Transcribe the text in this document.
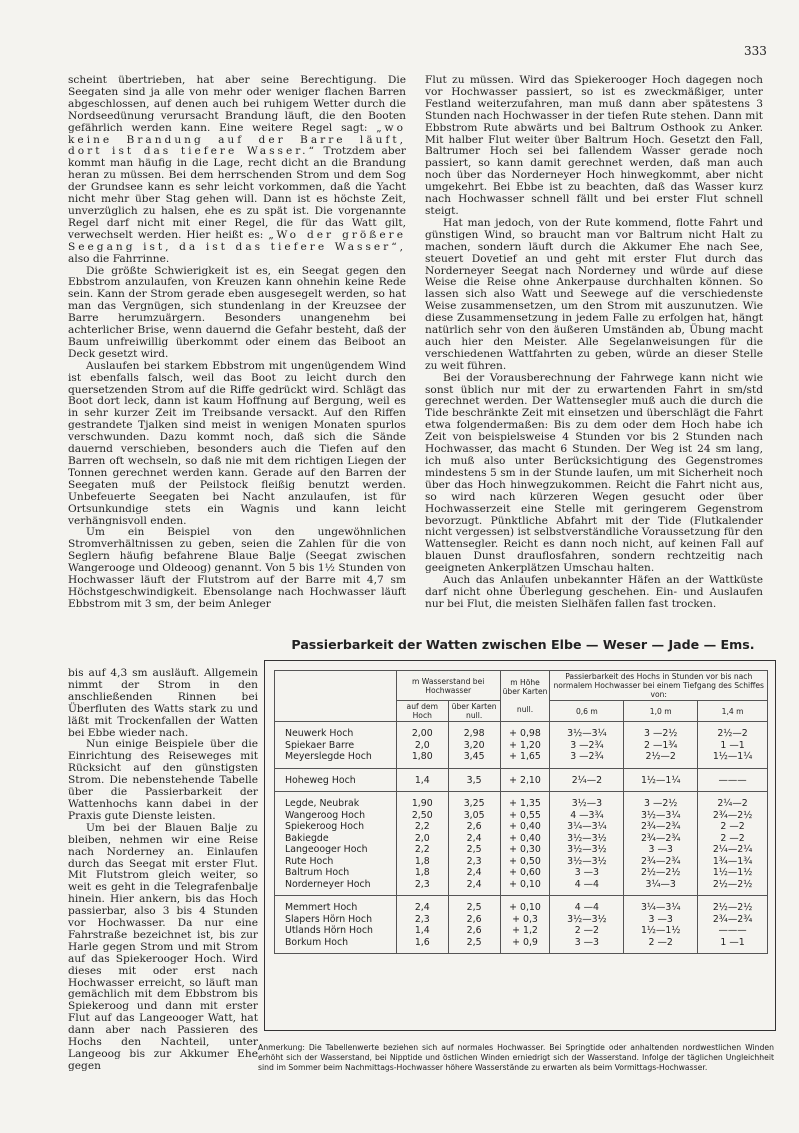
333

scheint übertrieben, hat aber seine Berechtigung. Die Seegaten sind ja alle von mehr oder weniger flachen Barren abgeschlossen, auf denen auch bei ruhigem Wetter durch die Nordseedünung verursacht Brandung läuft, die den Booten gefährlich werden kann. Eine weitere Regel sagt: „wo keine Brandung auf der Barre läuft, dort ist das tiefere Wasser.“ Trotzdem aber kommt man häufig in die Lage, recht dicht an die Brandung heran zu müssen. Bei dem herrschenden Strom und dem Sog der Grundsee kann es sehr leicht vorkommen, daß die Yacht nicht mehr über Stag gehen will. Dann ist es höchste Zeit, unverzüglich zu halsen, ehe es zu spät ist. Die vorgenannte Regel darf nicht mit einer Regel, die für das Watt gilt, verwechselt werden. Hier heißt es: „Wo der größere Seegang ist, da ist das tiefere Wasser“, also die Fahrrinne.

Die größte Schwierigkeit ist es, ein Seegat gegen den Ebbstrom anzulaufen, von Kreuzen kann ohnehin keine Rede sein. Kann der Strom gerade eben ausgesegelt werden, so hat man das Vergnügen, sich stundenlang in der Kreuzsee der Barre herumzuärgern. Besonders unangenehm bei achterlicher Brise, wenn dauernd die Gefahr besteht, daß der Baum unfreiwillig überkommt oder einem das Beiboot an Deck gesetzt wird.

Auslaufen bei starkem Ebbstrom mit ungenügendem Wind ist ebenfalls falsch, weil das Boot zu leicht durch den quersetzenden Strom auf die Riffe gedrückt wird. Schlägt das Boot dort leck, dann ist kaum Hoffnung auf Bergung, weil es in sehr kurzer Zeit im Treibsande versackt. Auf den Riffen gestrandete Tjalken sind meist in wenigen Monaten spurlos verschwunden. Dazu kommt noch, daß sich die Sände dauernd verschieben, besonders auch die Tiefen auf den Barren oft wechseln, so daß nie mit dem richtigen Liegen der Tonnen gerechnet werden kann. Gerade auf den Barren der Seegaten muß der Peilstock fleißig benutzt werden. Unbefeuerte Seegaten bei Nacht anzulaufen, ist für Ortsunkundige stets ein Wagnis und kann leicht verhängnisvoll enden.

Um ein Beispiel von den ungewöhnlichen Stromverhältnissen zu geben, seien die Zahlen für die von Seglern häufig befahrene Blaue Balje (Seegat zwischen Wangerooge und Oldeoog) genannt. Von 5 bis 1½ Stunden von Hochwasser läuft der Flutstrom auf der Barre mit 4,7 sm Höchstgeschwindigkeit. Ebensolange nach Hochwasser läuft Ebbstrom mit 3 sm, der beim Anleger

bis auf 4,3 sm ausläuft. Allgemein nimmt der Strom in den anschließenden Rinnen bei Überfluten des Watts stark zu und läßt mit Trockenfallen der Watten bei Ebbe wieder nach.

Nun einige Beispiele über die Einrichtung des Reiseweges mit Rücksicht auf den günstigsten Strom. Die nebenstehende Tabelle über die Passierbarkeit der Wattenhochs kann dabei in der Praxis gute Dienste leisten.

Um bei der Blauen Balje zu bleiben, nehmen wir eine Reise nach Norderney an. Einlaufen durch das Seegat mit erster Flut. Mit Flutstrom gleich weiter, so weit es geht in die Telegrafenbalje hinein. Hier ankern, bis das Hoch passierbar, also 3 bis 4 Stunden vor Hochwasser. Da nur eine Fahrstraße bezeichnet ist, bis zur Harle gegen Strom und mit Strom auf das Spiekerooger Hoch. Wird dieses mit oder erst nach Hochwasser erreicht, so läuft man gemächlich mit dem Ebbstrom bis Spiekeroog und dann mit erster Flut auf das Langeooger Watt, hat dann aber nach Passieren des Hochs den Nachteil, unter Langeoog bis zur Akkumer Ehe gegen

Flut zu müssen. Wird das Spiekerooger Hoch dagegen noch vor Hochwasser passiert, so ist es zweckmäßiger, unter Festland weiterzufahren, man muß dann aber spätestens 3 Stunden nach Hochwasser in der tiefen Rute stehen. Dann mit Ebbstrom Rute abwärts und bei Baltrum Osthook zu Anker. Mit halber Flut weiter über Baltrum Hoch. Gesetzt den Fall, Baltrumer Hoch sei bei fallendem Wasser gerade noch passiert, so kann damit gerechnet werden, daß man auch noch über das Norderneyer Hoch hinwegkommt, aber nicht umgekehrt. Bei Ebbe ist zu beachten, daß das Wasser kurz nach Hochwasser schnell fällt und bei erster Flut schnell steigt.

Hat man jedoch, von der Rute kommend, flotte Fahrt und günstigen Wind, so braucht man vor Baltrum nicht Halt zu machen, sondern läuft durch die Akkumer Ehe nach See, steuert Dovetief an und geht mit erster Flut durch das Norderneyer Seegat nach Norderney und würde auf diese Weise die Reise ohne Ankerpause durchhalten können. So lassen sich also Watt und Seewege auf die verschiedenste Weise zusammensetzen, um den Strom mit auszunutzen. Wie diese Zusammensetzung in jedem Falle zu erfolgen hat, hängt natürlich sehr von den äußeren Umständen ab, Übung macht auch hier den Meister. Alle Segelanweisungen für die verschiedenen Wattfahrten zu geben, würde an dieser Stelle zu weit führen.

Bei der Vorausberechnung der Fahrwege kann nicht wie sonst üblich nur mit der zu erwartenden Fahrt in sm/std gerechnet werden. Der Wattensegler muß auch die durch die Tide beschränkte Zeit mit einsetzen und überschlägt die Fahrt etwa folgendermaßen: Bis zu dem oder dem Hoch habe ich Zeit von beispielsweise 4 Stunden vor bis 2 Stunden nach Hochwasser, das macht 6 Stunden. Der Weg ist 24 sm lang, ich muß also unter Berücksichtigung des Gegenstromes mindestens 5 sm in der Stunde laufen, um mit Sicherheit noch über das Hoch hinwegzukommen. Reicht die Fahrt nicht aus, so wird nach kürzeren Wegen gesucht oder über Hochwasserzeit eine Stelle mit geringerem Gegenstrom bevorzugt. Pünktliche Abfahrt mit der Tide (Flutkalender nicht vergessen) ist selbstverständliche Voraussetzung für den Wattensegler. Reicht es dann noch nicht, auf keinen Fall auf blauen Dunst drauflosfahren, sondern rechtzeitig nach geeigneten Ankerplätzen Umschau halten.

Auch das Anlaufen unbekannter Häfen an der Wattküste darf nicht ohne Überlegung geschehen. Ein- und Auslaufen nur bei Flut, die meisten Sielhäfen fallen fast trocken.

Passierbarkeit der Watten zwischen Elbe — Weser — Jade — Ems.
	m Wasserstand bei Hochwasser		m Höhe über Karten

null.	Passierbarkeit des Hochs in Stunden vor bis nach normalem Hochwasser bei einem Tiefgang des Schiffes von:		
	auf dem Hoch	über Karten null.		0,6 m	1,0 m	1,4 m
Neuwerk Hoch	2,00	2,98	+ 0,98	3½—3¼	3 —2½	2½—2
Spiekaer Barre	2,0	3,20	+ 1,20	3 —2¾	2 —1¾	1 —1
Meyerslegde Hoch	1,80	3,45	+ 1,65	3 —2¾	2½—2	1½—1¼
Hoheweg Hoch	1,4	3,5	+ 2,10	2¼—2	1½—1¼	———
Legde, Neubrak	1,90	3,25	+ 1,35	3½—3	3 —2½	2¼—2
Wangeroog Hoch	2,50	3,05	+ 0,55	4 —3¾	3½—3¼	2¾—2½
Spiekeroog Hoch	2,2	2,6	+ 0,40	3¼—3¼	2¾—2¾	2 —2
Bakiegde	2,0	2,4	+ 0,40	3½—3½	2¾—2¾	2 —2
Langeooger Hoch	2,2	2,5	+ 0,30	3½—3½	3 —3	2¼—2¼
Rute Hoch	1,8	2,3	+ 0,50	3½—3½	2¾—2¾	1¾—1¾
Baltrum Hoch	1,8	2,4	+ 0,60	3 —3	2½—2½	1½—1½
Norderneyer Hoch	2,3	2,4	+ 0,10	4 —4	3¼—3	2½—2½
Memmert Hoch	2,4	2,5	+ 0,10	4 —4	3¼—3¼	2½—2½
Slapers Hörn Hoch	2,3	2,6	+ 0,3	3½—3½	3 —3	2¾—2¾
Utlands Hörn Hoch	1,4	2,6	+ 1,2	2 —2	1½—1½	———
Borkum Hoch	1,6	2,5	+ 0,9	3 —3	2 —2	1 —1
Anmerkung: Die Tabellenwerte beziehen sich auf normales Hochwasser. Bei Springtide oder anhaltenden nordwestlichen Winden erhöht sich der Wasserstand, bei Nipptide und östlichen Winden erniedrigt sich der Wasserstand. Infolge der täglichen Ungleichheit sind im Sommer beim Nachmittags-Hochwasser höhere Wasserstände zu erwarten als beim Vormittags-Hochwasser.
